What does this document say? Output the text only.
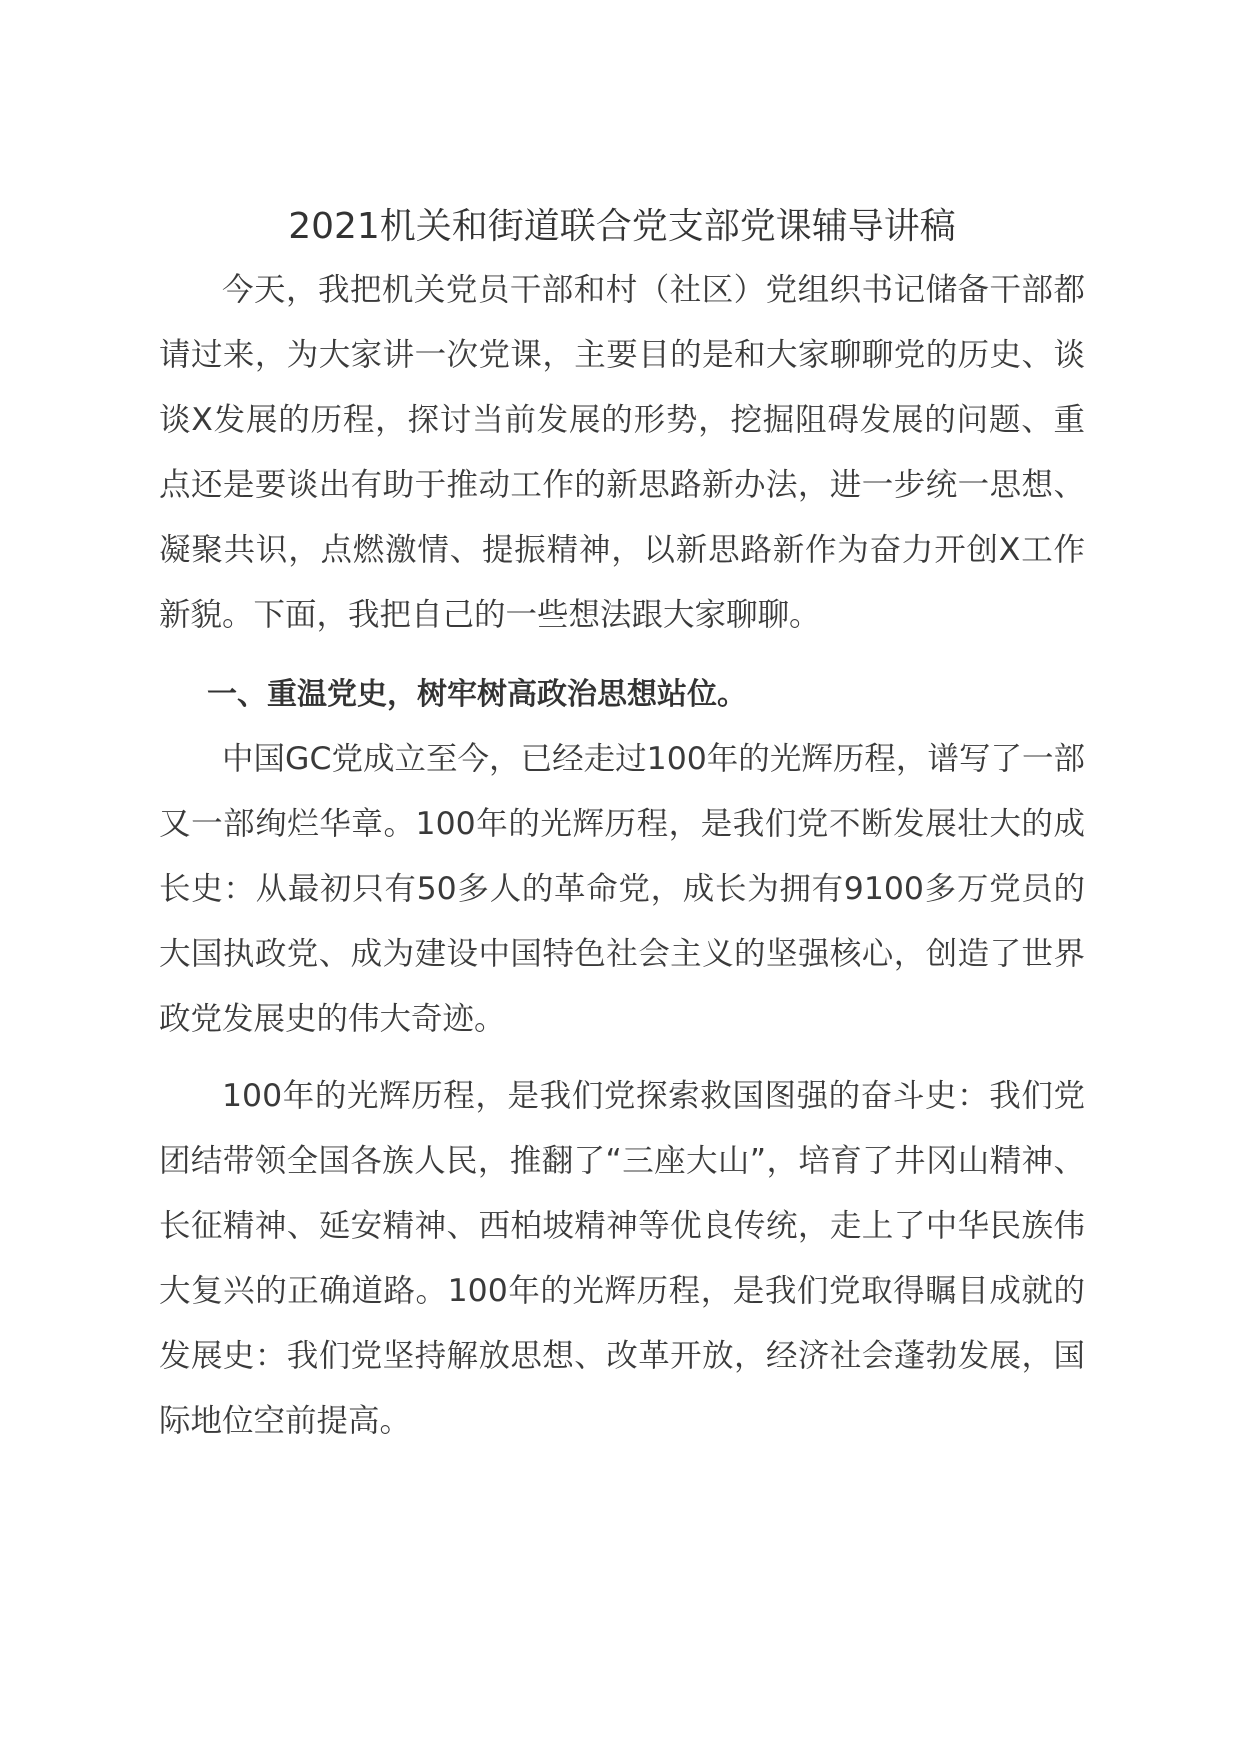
2021机关和街道联合党支部党课辅导讲稿

今天，我把机关党员干部和村（社区）党组织书记储备干部都请过来，为大家讲一次党课，主要目的是和大家聊聊党的历史、谈谈X发展的历程，探讨当前发展的形势，挖掘阻碍发展的问题、重点还是要谈出有助于推动工作的新思路新办法，进一步统一思想、凝聚共识，点燃激情、提振精神，以新思路新作为奋力开创X工作新貌。下面，我把自己的一些想法跟大家聊聊。

一、重温党史，树牢树高政治思想站位。

中国GC党成立至今，已经走过100年的光辉历程，谱写了一部又一部绚烂华章。100年的光辉历程，是我们党不断发展壮大的成长史：从最初只有50多人的革命党，成长为拥有9100多万党员的大国执政党、成为建设中国特色社会主义的坚强核心，创造了世界政党发展史的伟大奇迹。

100年的光辉历程，是我们党探索救国图强的奋斗史：我们党团结带领全国各族人民，推翻了“三座大山”，培育了井冈山精神、长征精神、延安精神、西柏坡精神等优良传统，走上了中华民族伟大复兴的正确道路。100年的光辉历程，是我们党取得瞩目成就的发展史：我们党坚持解放思想、改革开放，经济社会蓬勃发展，国际地位空前提高。
